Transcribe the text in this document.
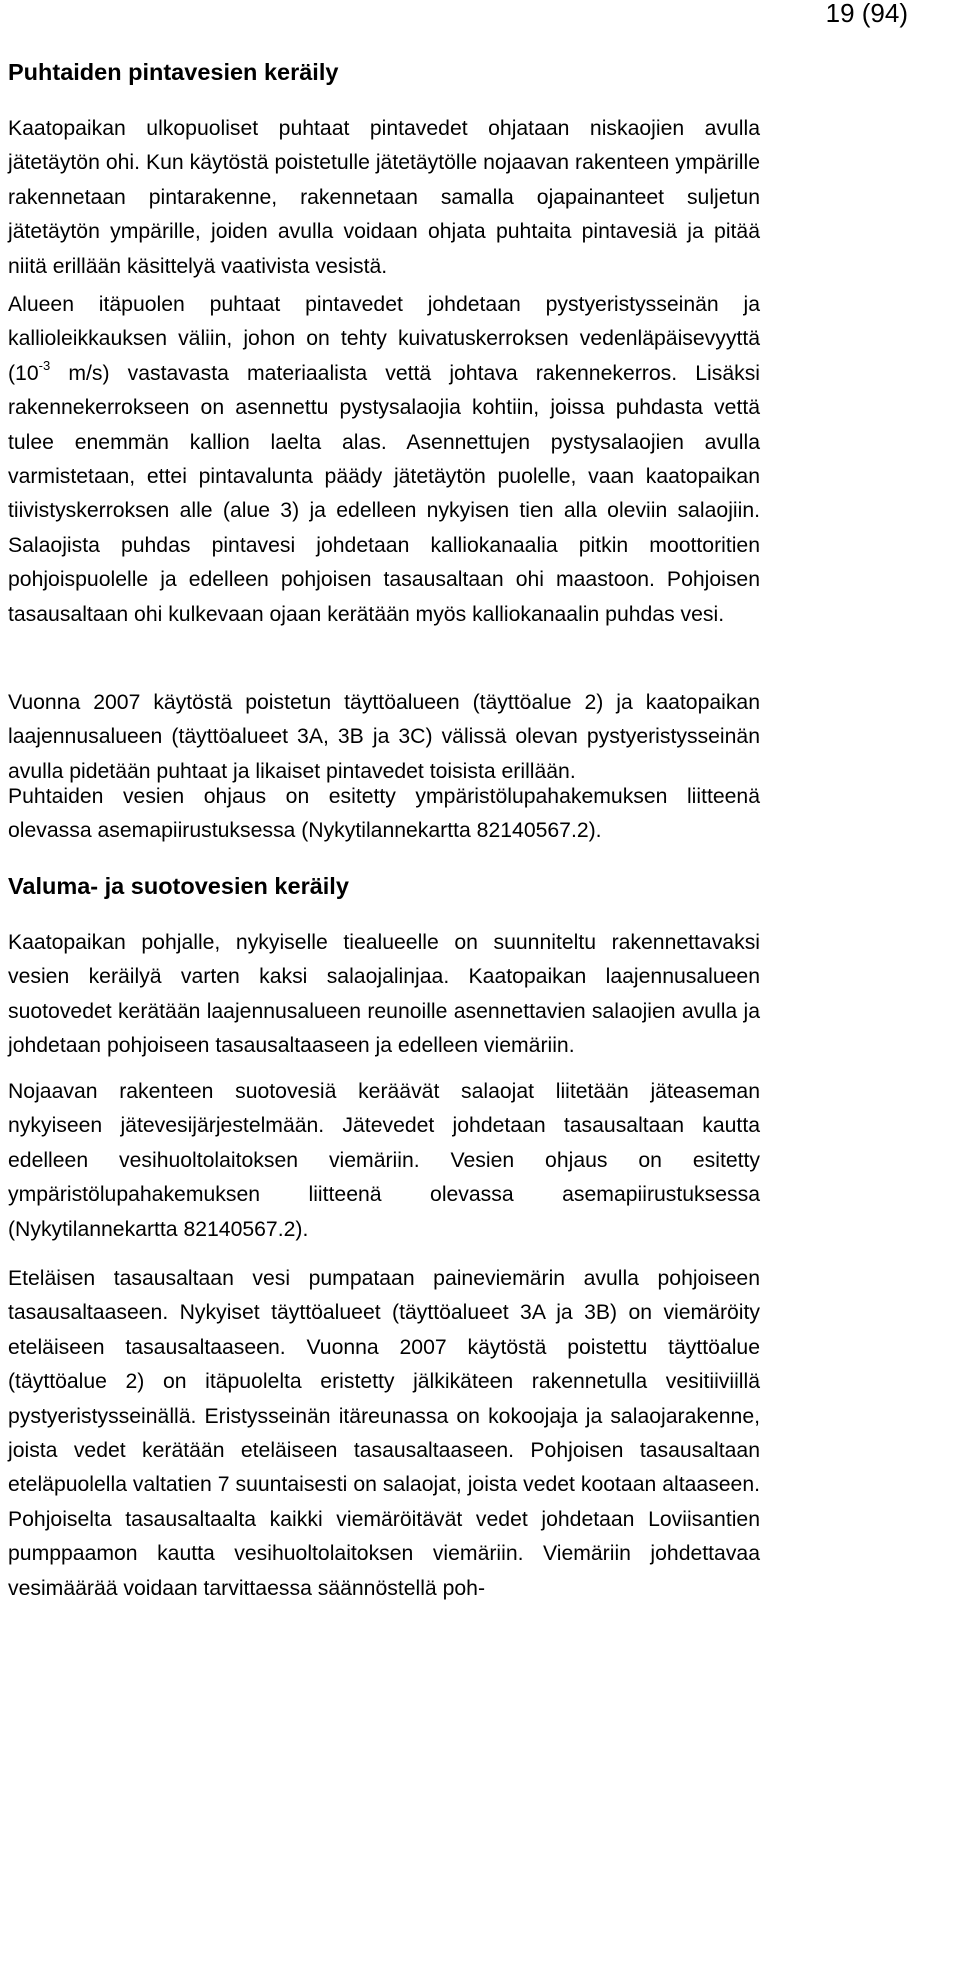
19 (94)
Puhtaiden pintavesien keräily

Kaatopaikan ulkopuoliset puhtaat pintavedet ohjataan niskaojien avulla jätetäytön ohi. Kun käytöstä poistetulle jätetäytölle nojaavan rakenteen ympärille rakennetaan pintarakenne, rakennetaan samalla ojapainanteet suljetun jätetäytön ympärille, joiden avulla voidaan ohjata puhtaita pintavesiä ja pitää niitä erillään käsittelyä vaativista vesistä.

Alueen itäpuolen puhtaat pintavedet johdetaan pystyeristysseinän ja kallioleikkauksen väliin, johon on tehty kuivatuskerroksen vedenläpäisevyyttä ($10^{-3}$ m/s) vastavasta materiaalista vettä johtava rakennekerros. Lisäksi rakennekerrokseen on asennettu pystysalaojia kohtiin, joissa puhdasta vettä tulee enemmän kallion laelta alas. Asennettujen pystysalaojien avulla varmistetaan, ettei pintavalunta päädy jätetäytön puolelle, vaan kaatopaikan tiivistyskerroksen alle (alue 3) ja edelleen nykyisen tien alla oleviin salaojiin. Salaojista puhdas pintavesi johdetaan kalliokanaalia pitkin moottoritien pohjoispuolelle ja edelleen pohjoisen tasausaltaan ohi maastoon. Pohjoisen tasausaltaan ohi kulkevaan ojaan kerätään myös kalliokanaalin puhdas vesi.

Vuonna 2007 käytöstä poistetun täyttöalueen (täyttöalue 2) ja kaatopaikan laajennusalueen (täyttöalueet 3A, 3B ja 3C) välissä olevan pystyeristysseinän avulla pidetään puhtaat ja likaiset pintavedet toisista erillään.

Puhtaiden vesien ohjaus on esitetty ympäristölupahakemuksen liitteenä olevassa asemapiirustuksessa (Nykytilannekartta 82140567.2).

Valuma- ja suotovesien keräily

Kaatopaikan pohjalle, nykyiselle tiealueelle on suunniteltu rakennettavaksi vesien keräilyä varten kaksi salaojalinjaa. Kaatopaikan laajennusalueen suotovedet kerätään laajennusalueen reunoille asennettavien salaojien avulla ja johdetaan pohjoiseen tasausaltaaseen ja edelleen viemäriin.

Nojaavan rakenteen suotovesiä keräävät salaojat liitetään jäteaseman nykyiseen jätevesijärjestelmään. Jätevedet johdetaan tasausaltaan kautta edelleen vesihuoltolaitoksen viemäriin. Vesien ohjaus on esitetty ympäristölupahakemuksen liitteenä olevassa asemapiirustuksessa (Nykytilannekartta 82140567.2).

Eteläisen tasausaltaan vesi pumpataan paineviemärin avulla pohjoiseen tasausaltaaseen. Nykyiset täyttöalueet (täyttöalueet 3A ja 3B) on viemäröity eteläiseen tasausaltaaseen. Vuonna 2007 käytöstä poistettu täyttöalue (täyttöalue 2) on itäpuolelta eristetty jälkikäteen rakennetulla vesitiiviillä pystyeristysseinällä. Eristysseinän itäreunassa on kokoojaja ja salaojarakenne, joista vedet kerätään eteläiseen tasausaltaaseen. Pohjoisen tasausaltaan eteläpuolella valtatien 7 suuntaisesti on salaojat, joista vedet kootaan altaaseen. Pohjoiselta tasausaltaalta kaikki viemäröitävät vedet johdetaan Loviisantien pumppaamon kautta vesihuoltolaitoksen viemäriin. Viemäriin johdettavaa vesimäärää voidaan tarvittaessa säännöstellä poh-
